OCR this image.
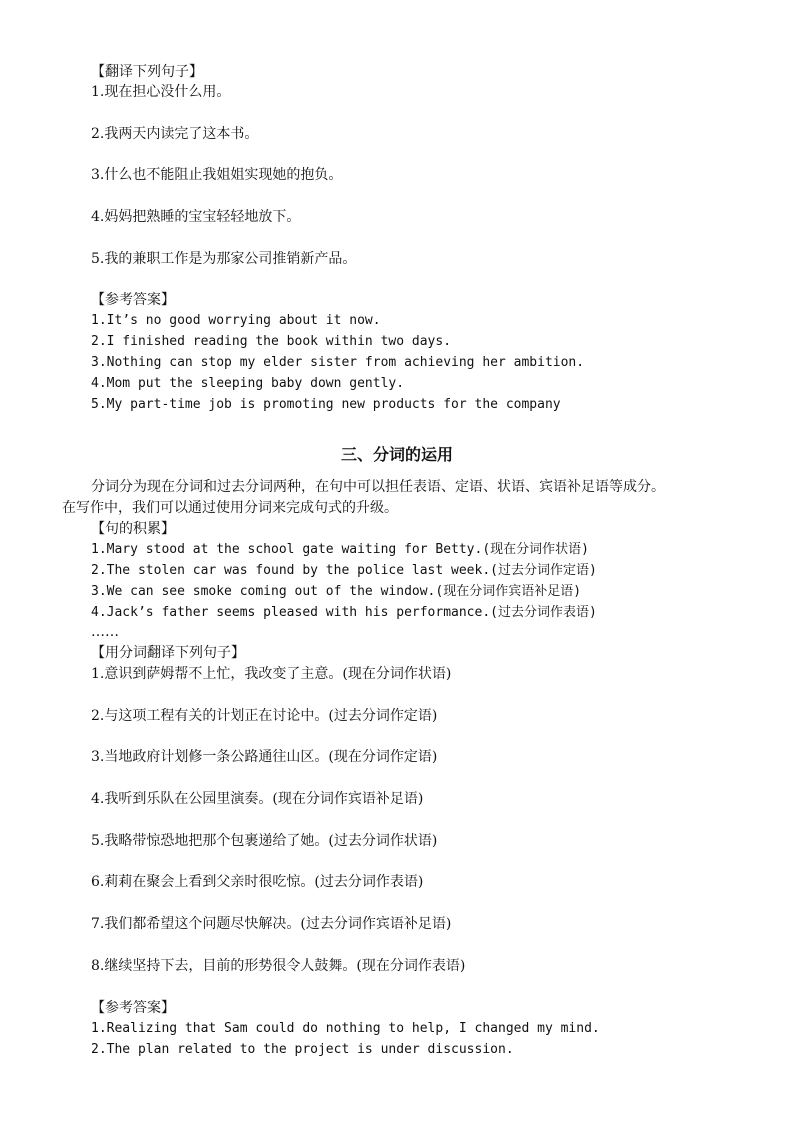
【翻译下列句子】
1.现在担心没什么用。
2.我两天内读完了这本书。
3.什么也不能阻止我姐姐实现她的抱负。
4.妈妈把熟睡的宝宝轻轻地放下。
5.我的兼职工作是为那家公司推销新产品。
【参考答案】
1.It’s no good worrying about it now.
2.I finished reading the book within two days.
3.Nothing can stop my elder sister from achieving her ambition.
4.Mom put the sleeping baby down gently.
5.My part-time job is promoting new products for the company
三、分词的运用
分词分为现在分词和过去分词两种，在句中可以担任表语、定语、状语、宾语补足语等成分。
在写作中，我们可以通过使用分词来完成句式的升级。
【句的积累】
1.Mary stood at the school gate waiting for Betty.(现在分词作状语)
2.The stolen car was found by the police last week.(过去分词作定语)
3.We can see smoke coming out of the window.(现在分词作宾语补足语)
4.Jack’s father seems pleased with his performance.(过去分词作表语)
……
【用分词翻译下列句子】
1.意识到萨姆帮不上忙，我改变了主意。(现在分词作状语)
2.与这项工程有关的计划正在讨论中。(过去分词作定语)
3.当地政府计划修一条公路通往山区。(现在分词作定语)
4.我听到乐队在公园里演奏。(现在分词作宾语补足语)
5.我略带惊恐地把那个包裹递给了她。(过去分词作状语)
6.莉莉在聚会上看到父亲时很吃惊。(过去分词作表语)
7.我们都希望这个问题尽快解决。(过去分词作宾语补足语)
8.继续坚持下去，目前的形势很令人鼓舞。(现在分词作表语)
【参考答案】
1.Realizing that Sam could do nothing to help, I changed my mind.
2.The plan related to the project is under discussion.
